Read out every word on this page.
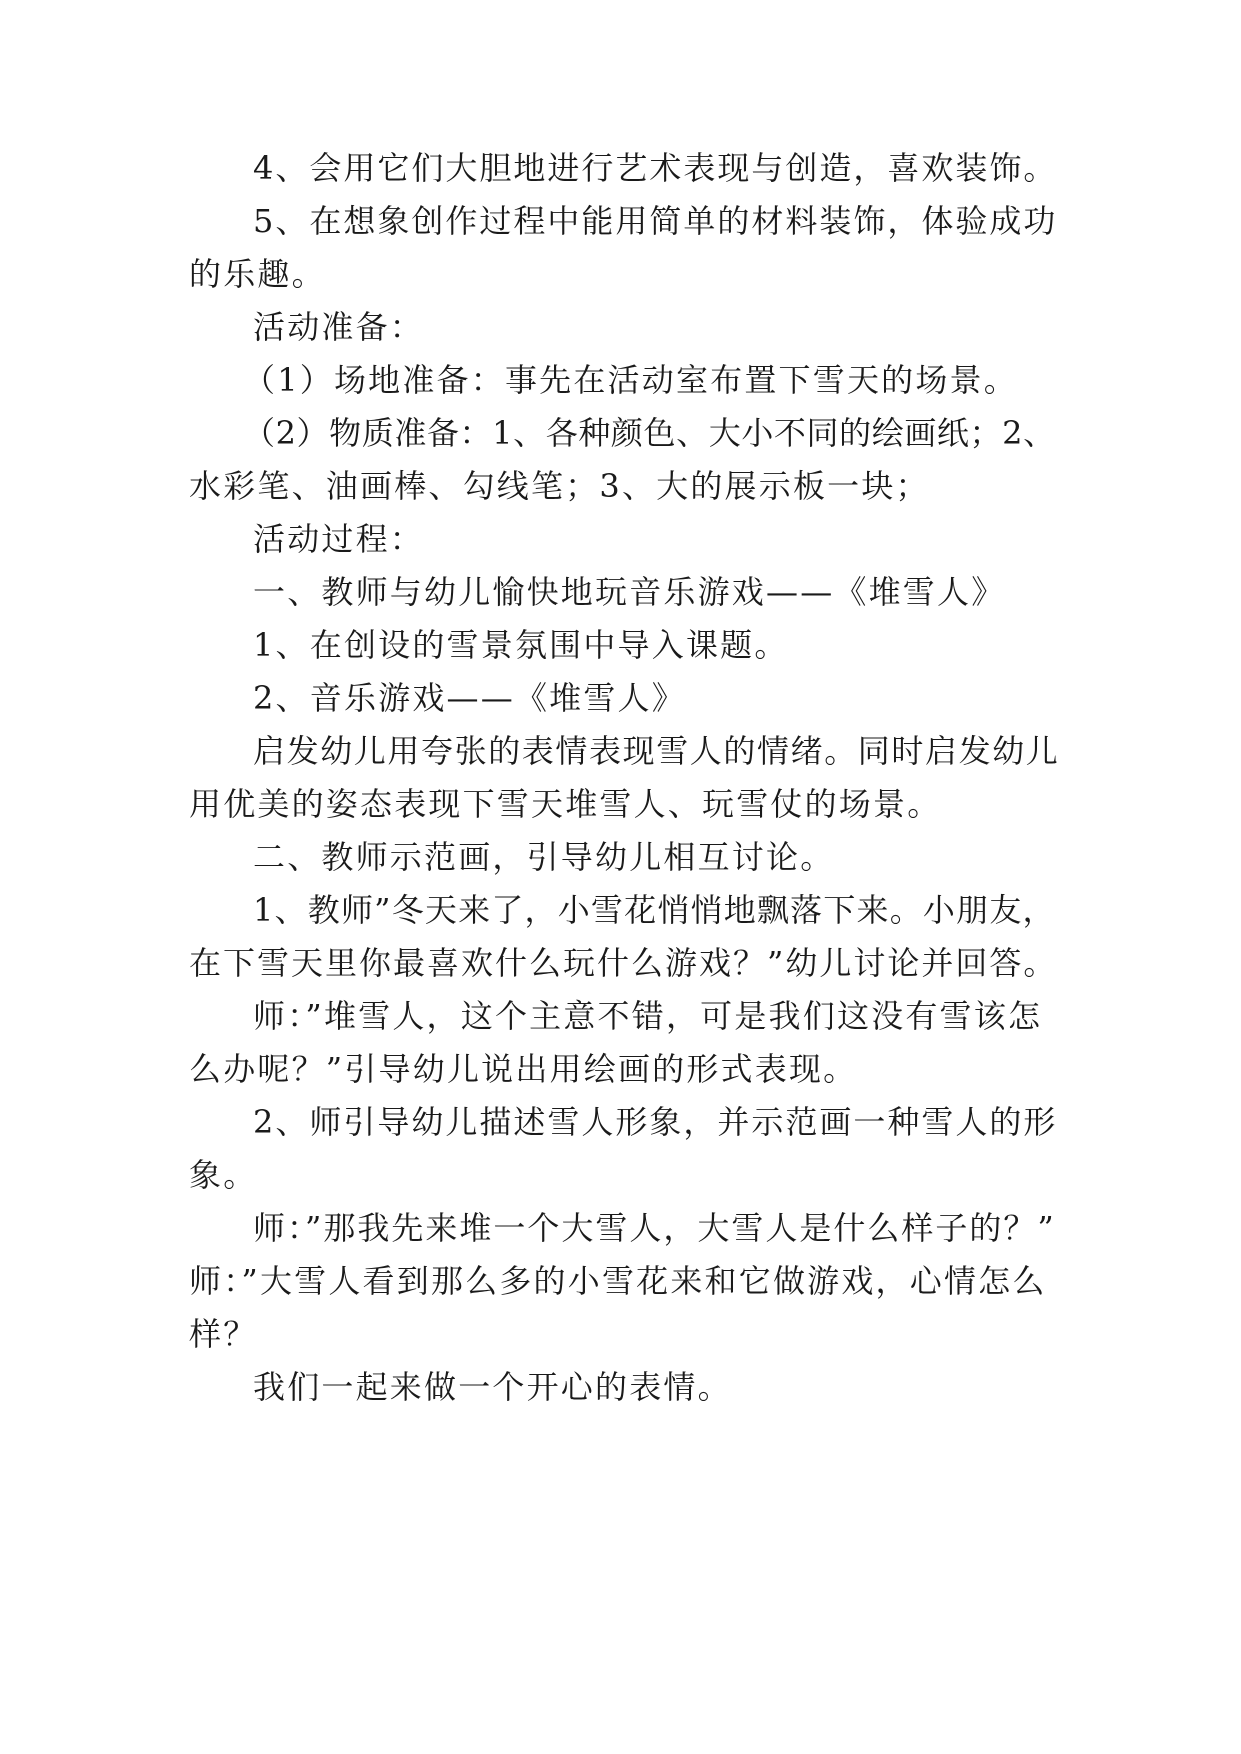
4、会用它们大胆地进行艺术表现与创造，喜欢装饰。
5、在想象创作过程中能用简单的材料装饰，体验成功
的乐趣。
活动准备：
（1）场地准备：事先在活动室布置下雪天的场景。
（2）物质准备：1、各种颜色、大小不同的绘画纸；2、
水彩笔、油画棒、勾线笔；3、大的展示板一块；
活动过程：
一、教师与幼儿愉快地玩音乐游戏——《堆雪人》
1、在创设的雪景氛围中导入课题。
2、音乐游戏——《堆雪人》
启发幼儿用夸张的表情表现雪人的情绪。同时启发幼儿
用优美的姿态表现下雪天堆雪人、玩雪仗的场景。
二、教师示范画，引导幼儿相互讨论。
1、教师”冬天来了，小雪花悄悄地飘落下来。小朋友，
在下雪天里你最喜欢什么玩什么游戏？”幼儿讨论并回答。
师：”堆雪人，这个主意不错，可是我们这没有雪该怎
么办呢？”引导幼儿说出用绘画的形式表现。
2、师引导幼儿描述雪人形象，并示范画一种雪人的形
象。
师：”那我先来堆一个大雪人，大雪人是什么样子的？”
师：”大雪人看到那么多的小雪花来和它做游戏，心情怎么
样？
我们一起来做一个开心的表情。
